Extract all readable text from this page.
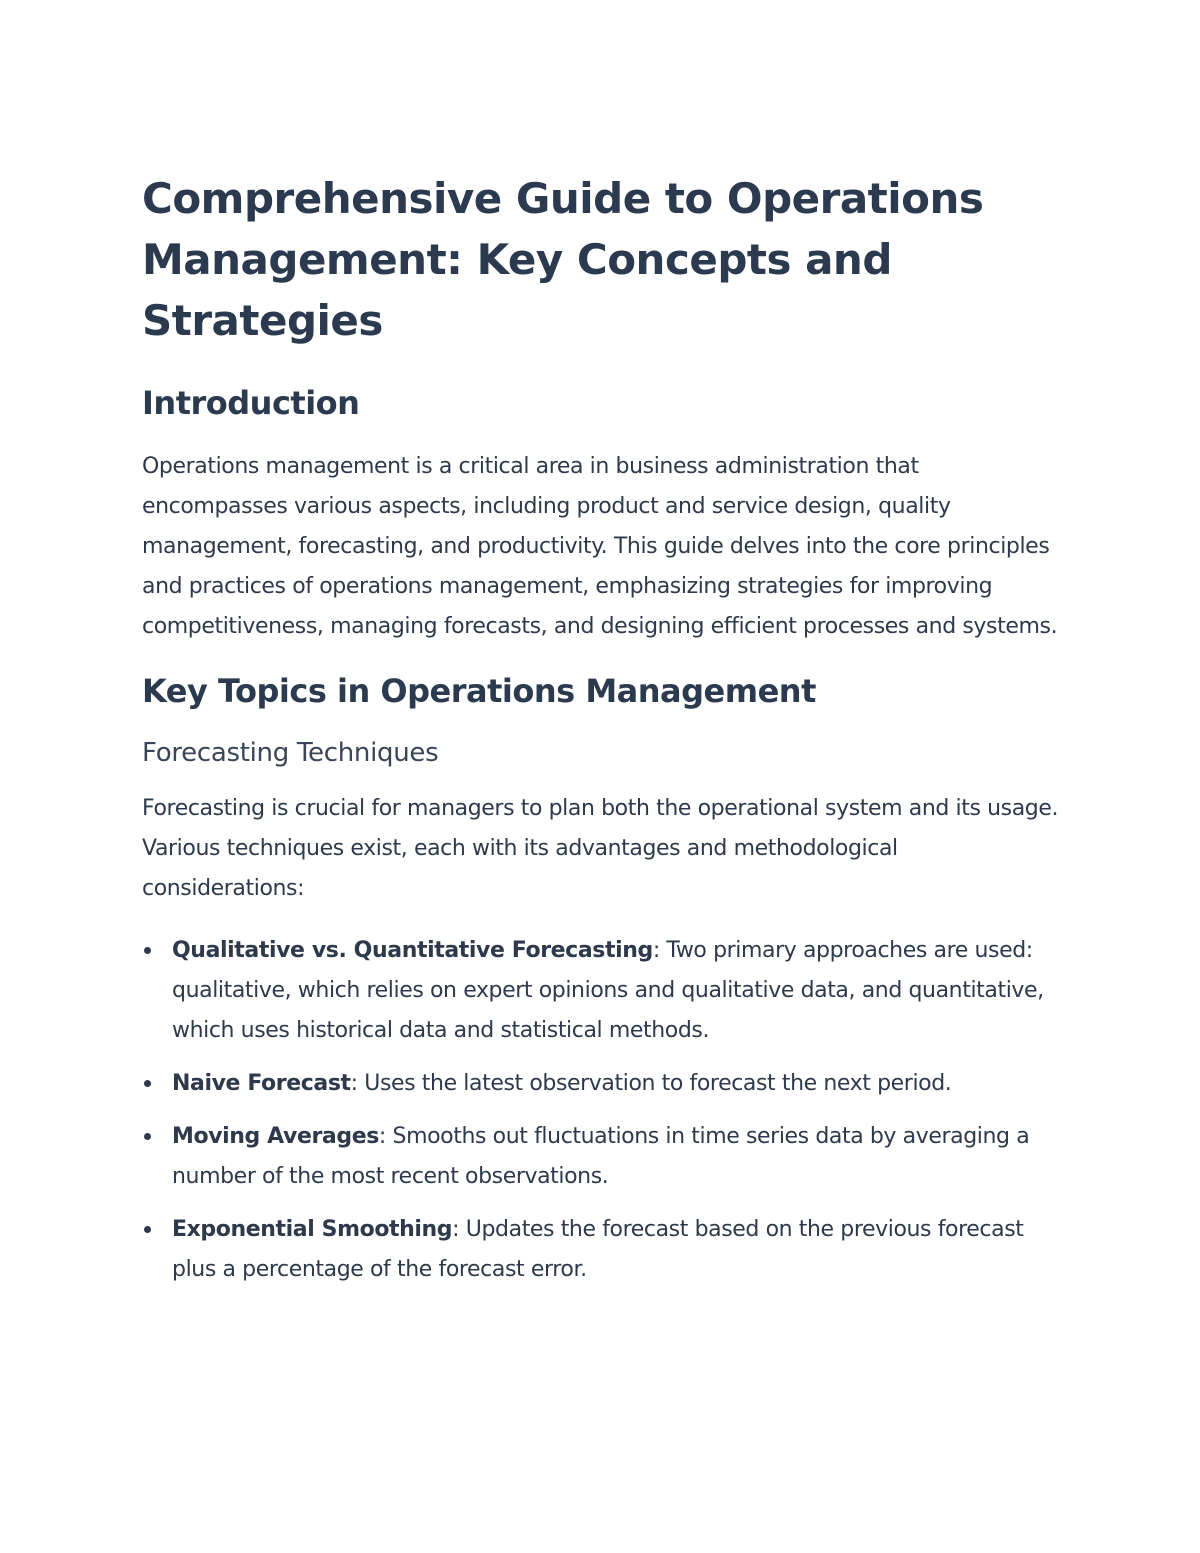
Comprehensive Guide to Operations Management: Key Concepts and Strategies
Introduction

Operations management is a critical area in business administration that encompasses various aspects, including product and service design, quality management, forecasting, and productivity. This guide delves into the core principles and practices of operations management, emphasizing strategies for improving competitiveness, managing forecasts, and designing efficient processes and systems.

Key Topics in Operations Management
Forecasting Techniques

Forecasting is crucial for managers to plan both the operational system and its usage. Various techniques exist, each with its advantages and methodological considerations:

Qualitative vs. Quantitative Forecasting: Two primary approaches are used: qualitative, which relies on expert opinions and qualitative data, and quantitative, which uses historical data and statistical methods.
Naive Forecast: Uses the latest observation to forecast the next period.
Moving Averages: Smooths out fluctuations in time series data by averaging a number of the most recent observations.
Exponential Smoothing: Updates the forecast based on the previous forecast plus a percentage of the forecast error.
